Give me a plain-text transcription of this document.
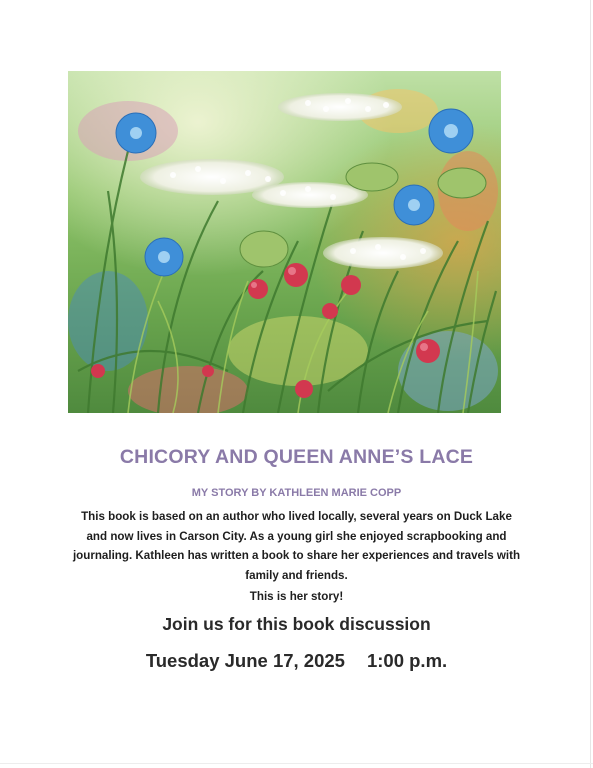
CHICORY AND QUEEN ANNE’S LACE
MY STORY BY KATHLEEN MARIE COPP

This book is based on an author who lived locally, several years on Duck Lake and now lives in Carson City. As a young girl she enjoyed scrapbooking and journaling. Kathleen has written a book to share her experiences and travels with family and friends.

This is her story!
Join us for this book discussion
Tuesday June 17, 2025 1:00 p.m.
